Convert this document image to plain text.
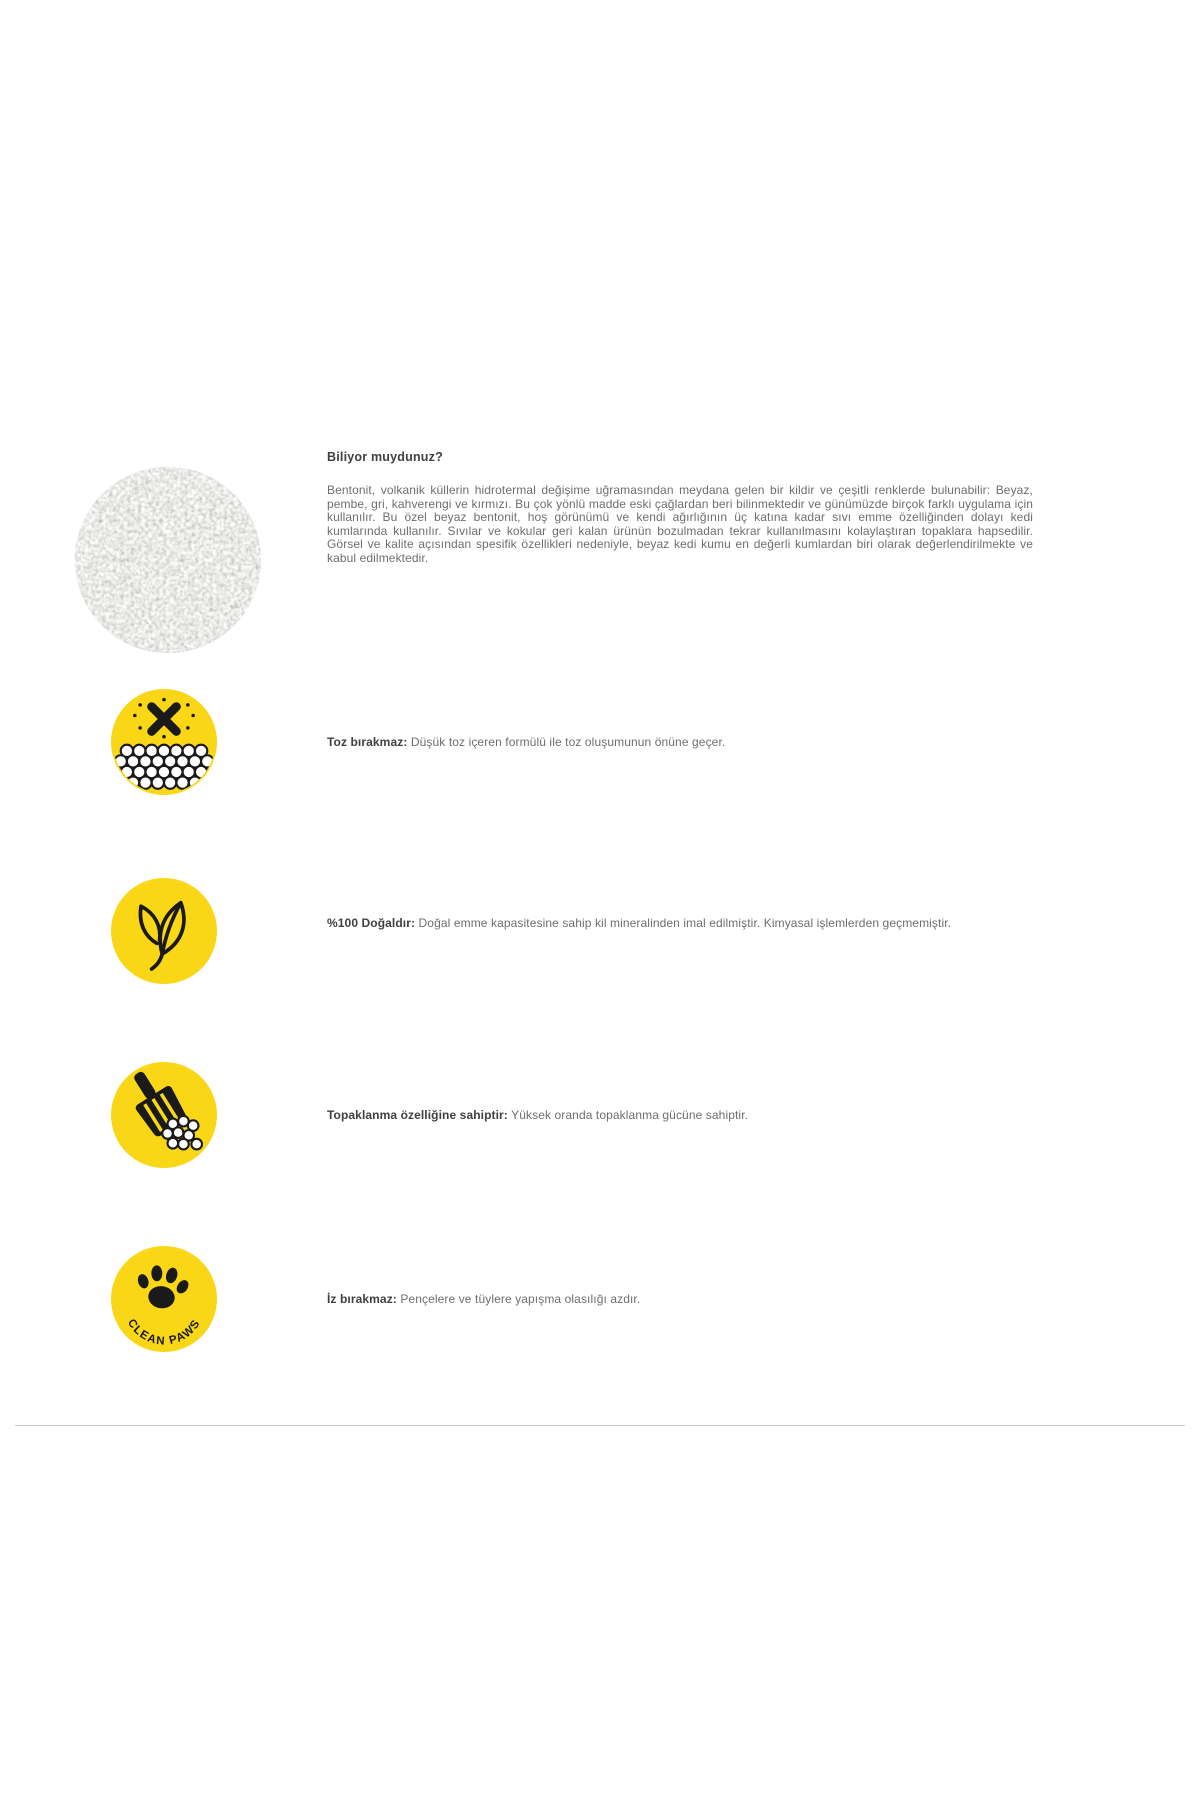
Biliyor muydunuz?

Bentonit, volkanik küllerin hidrotermal değişime uğramasından meydana gelen bir kildir ve çeşitli renklerde bulunabilir: Beyaz, pembe, gri, kahverengi ve kırmızı. Bu çok yönlü madde eski çağlardan beri bilinmektedir ve günümüzde birçok farklı uygulama için kullanılır. Bu özel beyaz bentonit, hoş görünümü ve kendi ağırlığının üç katına kadar sıvı emme özelliğinden dolayı kedi kumlarında kullanılır. Sıvılar ve kokular geri kalan ürünün bozulmadan tekrar kullanılmasını kolaylaştıran topaklara hapsedilir. Görsel ve kalite açısından spesifik özellikleri nedeniyle, beyaz kedi kumu en değerli kumlardan biri olarak değerlendirilmekte ve kabul edilmektedir.

Toz bırakmaz: Düşük toz içeren formülü ile toz oluşumunun önüne geçer.

%100 Doğaldır: Doğal emme kapasitesine sahip kil mineralinden imal edilmiştir. Kimyasal işlemlerden geçmemiştir.

Topaklanma özelliğine sahiptir: Yüksek oranda topaklanma gücüne sahiptir.

CLEAN PAWS

İz bırakmaz: Pençelere ve tüylere yapışma olasılığı azdır.
